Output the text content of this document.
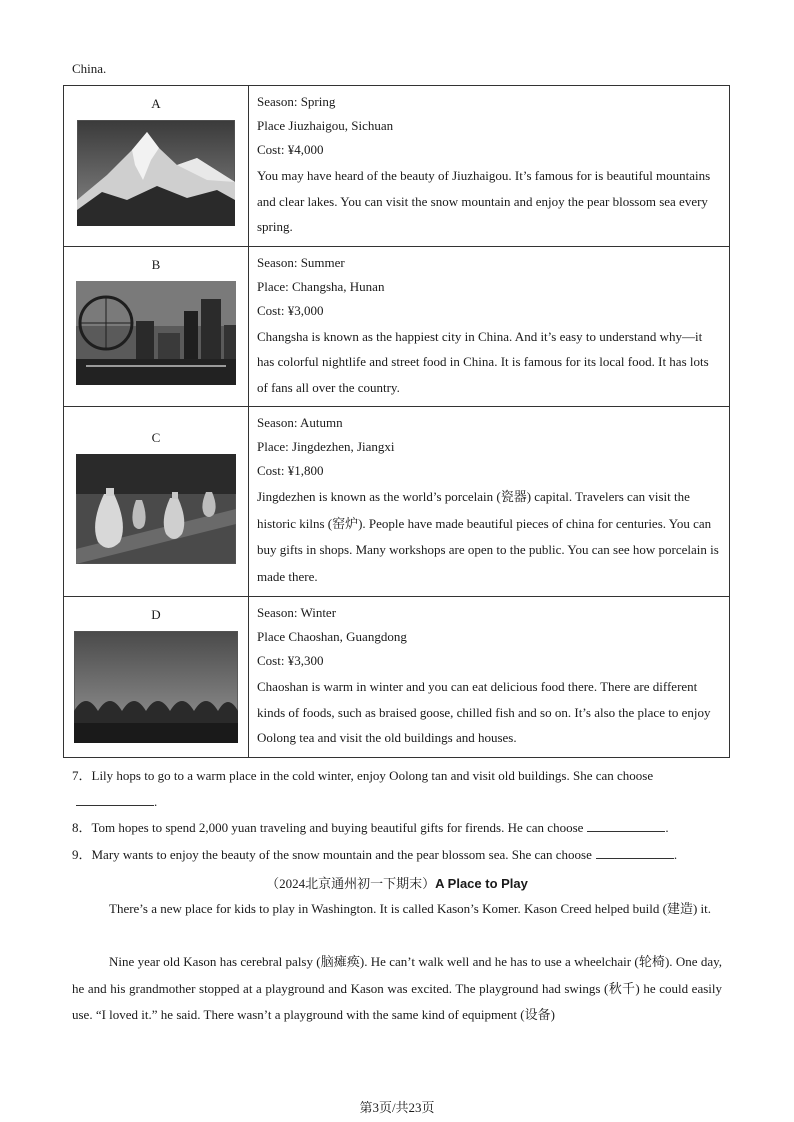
China.
A	Season: Spring
Place Jiuzhaigou, Sichuan
Cost: ¥4,000
You may have heard of the beauty of Jiuzhaigou. It’s famous for is beautiful mountains and clear lakes. You can visit the snow mountain and enjoy the pear blossom sea every spring.

B	Season: Summer
Place: Changsha, Hunan
Cost: ¥3,000
Changsha is known as the happiest city in China. And it’s easy to understand why—it has colorful nightlife and street food in China. It is famous for its local food. It has lots of fans all over the country.

C	Season: Autumn
Place: Jingdezhen, Jiangxi
Cost: ¥1,800
Jingdezhen is known as the world’s porcelain (瓷器) capital. Travelers can visit the historic kilns (窑炉). People have made beautiful pieces of china for centuries. You can buy gifts in shops. Many workshops are open to the public. You can see how porcelain is made there.

D	Season: Winter
Place Chaoshan, Guangdong
Cost: ¥3,300
Chaoshan is warm in winter and you can eat delicious food there. There are different kinds of foods, such as braised goose, chilled fish and so on. It’s also the place to enjoy Oolong tea and visit the old buildings and houses.
7．Lily hops to go to a warm place in the cold winter, enjoy Oolong tan and visit old buildings. She can choose.
8．Tom hopes to spend 2,000 yuan traveling and buying beautiful gifts for firends. He can choose	.
9．Mary wants to enjoy the beauty of the snow mountain and the pear blossom sea. She can choose	.
（2024北京通州初一下期末）A Place to Play
There’s a new place for kids to play in Washington. It is called Kason’s Komer. Kason Creed helped build (建造) it.
Nine year old Kason has cerebral palsy (脑瘫痪). He can’t walk well and he has to use a wheelchair (轮椅). One day, he and his grandmother stopped at a playground and Kason was excited. The playground had swings (秋千) he could easily use. “I loved it.” he said. There wasn’t a playground with the same kind of equipment (设备)
第3页/共23页
